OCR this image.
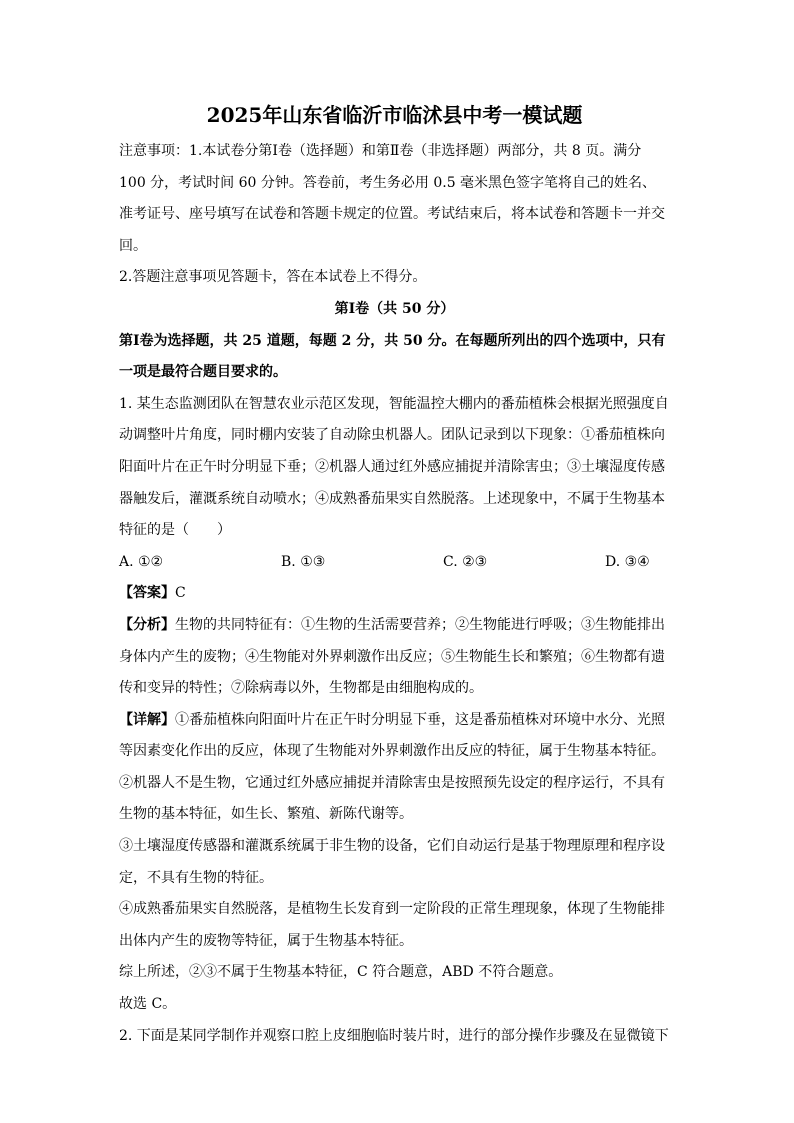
2025年山东省临沂市临沭县中考一模试题

注意事项：1.本试卷分第Ⅰ卷（选择题）和第Ⅱ卷（非选择题）两部分，共 8 页。满分 100 分，考试时间 60 分钟。答卷前，考生务必用 0.5 毫米黑色签字笔将自己的姓名、准考证号、座号填写在试卷和答题卡规定的位置。考试结束后，将本试卷和答题卡一并交回。

2.答题注意事项见答题卡，答在本试卷上不得分。

第Ⅰ卷（共 50 分）

第Ⅰ卷为选择题，共 25 道题，每题 2 分，共 50 分。在每题所列出的四个选项中，只有一项是最符合题目要求的。

1. 某生态监测团队在智慧农业示范区发现，智能温控大棚内的番茄植株会根据光照强度自动调整叶片角度，同时棚内安装了自动除虫机器人。团队记录到以下现象：①番茄植株向阳面叶片在正午时分明显下垂；②机器人通过红外感应捕捉并清除害虫；③土壤湿度传感器触发后，灌溉系统自动喷水；④成熟番茄果实自然脱落。上述现象中，不属于生物基本特征的是（　　）

A. ①②	B. ①③	C. ②③	D. ③④

【答案】C

【分析】生物的共同特征有：①生物的生活需要营养；②生物能进行呼吸；③生物能排出身体内产生的废物；④生物能对外界刺激作出反应；⑤生物能生长和繁殖；⑥生物都有遗传和变异的特性；⑦除病毒以外，生物都是由细胞构成的。

【详解】①番茄植株向阳面叶片在正午时分明显下垂，这是番茄植株对环境中水分、光照等因素变化作出的反应，体现了生物能对外界刺激作出反应的特征，属于生物基本特征。

②机器人不是生物，它通过红外感应捕捉并清除害虫是按照预先设定的程序运行，不具有生物的基本特征，如生长、繁殖、新陈代谢等。

③土壤湿度传感器和灌溉系统属于非生物的设备，它们自动运行是基于物理原理和程序设定，不具有生物的特征。

④成熟番茄果实自然脱落，是植物生长发育到一定阶段的正常生理现象，体现了生物能排出体内产生的废物等特征，属于生物基本特征。

综上所述，②③不属于生物基本特征，C 符合题意，ABD 不符合题意。

故选 C。

2. 下面是某同学制作并观察口腔上皮细胞临时装片时，进行的部分操作步骤及在显微镜下
